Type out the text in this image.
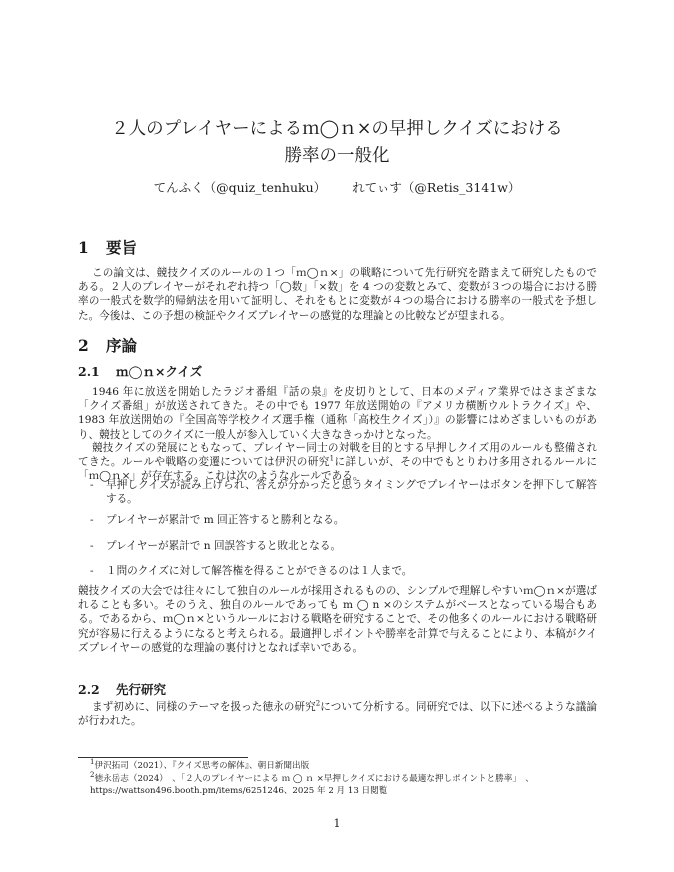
２人のプレイヤーによるｍ◯ｎ×の早押しクイズにおける
勝率の一般化
てんふく（@quiz_tenhuku） れてぃす（@Retis_3141w）
1 要旨

この論文は、競技クイズのルールの１つ「ｍ◯ｎ×」の戦略について先行研究を踏まえて研究したものである。２人のプレイヤーがそれぞれ持つ「◯数」「×数」を 4 つの変数とみて、変数が３つの場合における勝率の一般式を数学的帰納法を用いて証明し、それをもとに変数が４つの場合における勝率の一般式を予想した。今後は、この予想の検証やクイズプレイヤーの感覚的な理論との比較などが望まれる。

2 序論
2.1 ｍ◯ｎ×クイズ

1946 年に放送を開始したラジオ番組『話の泉』を皮切りとして、日本のメディア業界ではさまざまな「クイズ番組」が放送されてきた。その中でも 1977 年放送開始の『アメリカ横断ウルトラクイズ』や、1983 年放送開始の『全国高等学校クイズ選手権（通称「高校生クイズ」）』の影響にはめざましいものがあり、競技としてのクイズに一般人が参入していく大きなきっかけとなった。

競技クイズの発展にともなって、プレイヤー同士の対戦を目的とする早押しクイズ用のルールも整備されてきた。ルールや戦略の変遷については伊沢の研究$^1$に詳しいが、その中でもとりわけ多用されるルールに「ｍ◯ｎ×」が存在する。これは次のようなルールである。

- 早押しクイズが読み上げられ、答えが分かったと思うタイミングでプレイヤーはボタンを押下して解答する。
- プレイヤーが累計で m 回正答すると勝利となる。
- プレイヤーが累計で n 回誤答すると敗北となる。
- １問のクイズに対して解答権を得ることができるのは１人まで。

競技クイズの大会では往々にして独自のルールが採用されるものの、シンプルで理解しやすいｍ◯ｎ×が選ばれることも多い。そのうえ、独自のルールであっても m ◯ n ×のシステムがベースとなっている場合もある。であるから、ｍ◯ｎ×というルールにおける戦略を研究することで、その他多くのルールにおける戦略研究が容易に行えるようになると考えられる。最適押しポイントや勝率を計算で与えることにより、本稿がクイズプレイヤーの感覚的な理論の裏付けとなれば幸いである。

2.2 先行研究

まず初めに、同様のテーマを扱った徳永の研究$^2$について分析する。同研究では、以下に述べるような議論が行われた。

$^1$伊沢拓司（2021）、『クイズ思考の解体』、朝日新聞出版

$^2$徳永岳志（2024）　、「２人のプレイヤーによる ｍ ◯ ｎ ×早押しクイズにおける最適な押しポイントと勝率」　、https://wattson496.booth.pm/items/6251246、2025 年 2 月 13 日閲覧

1
